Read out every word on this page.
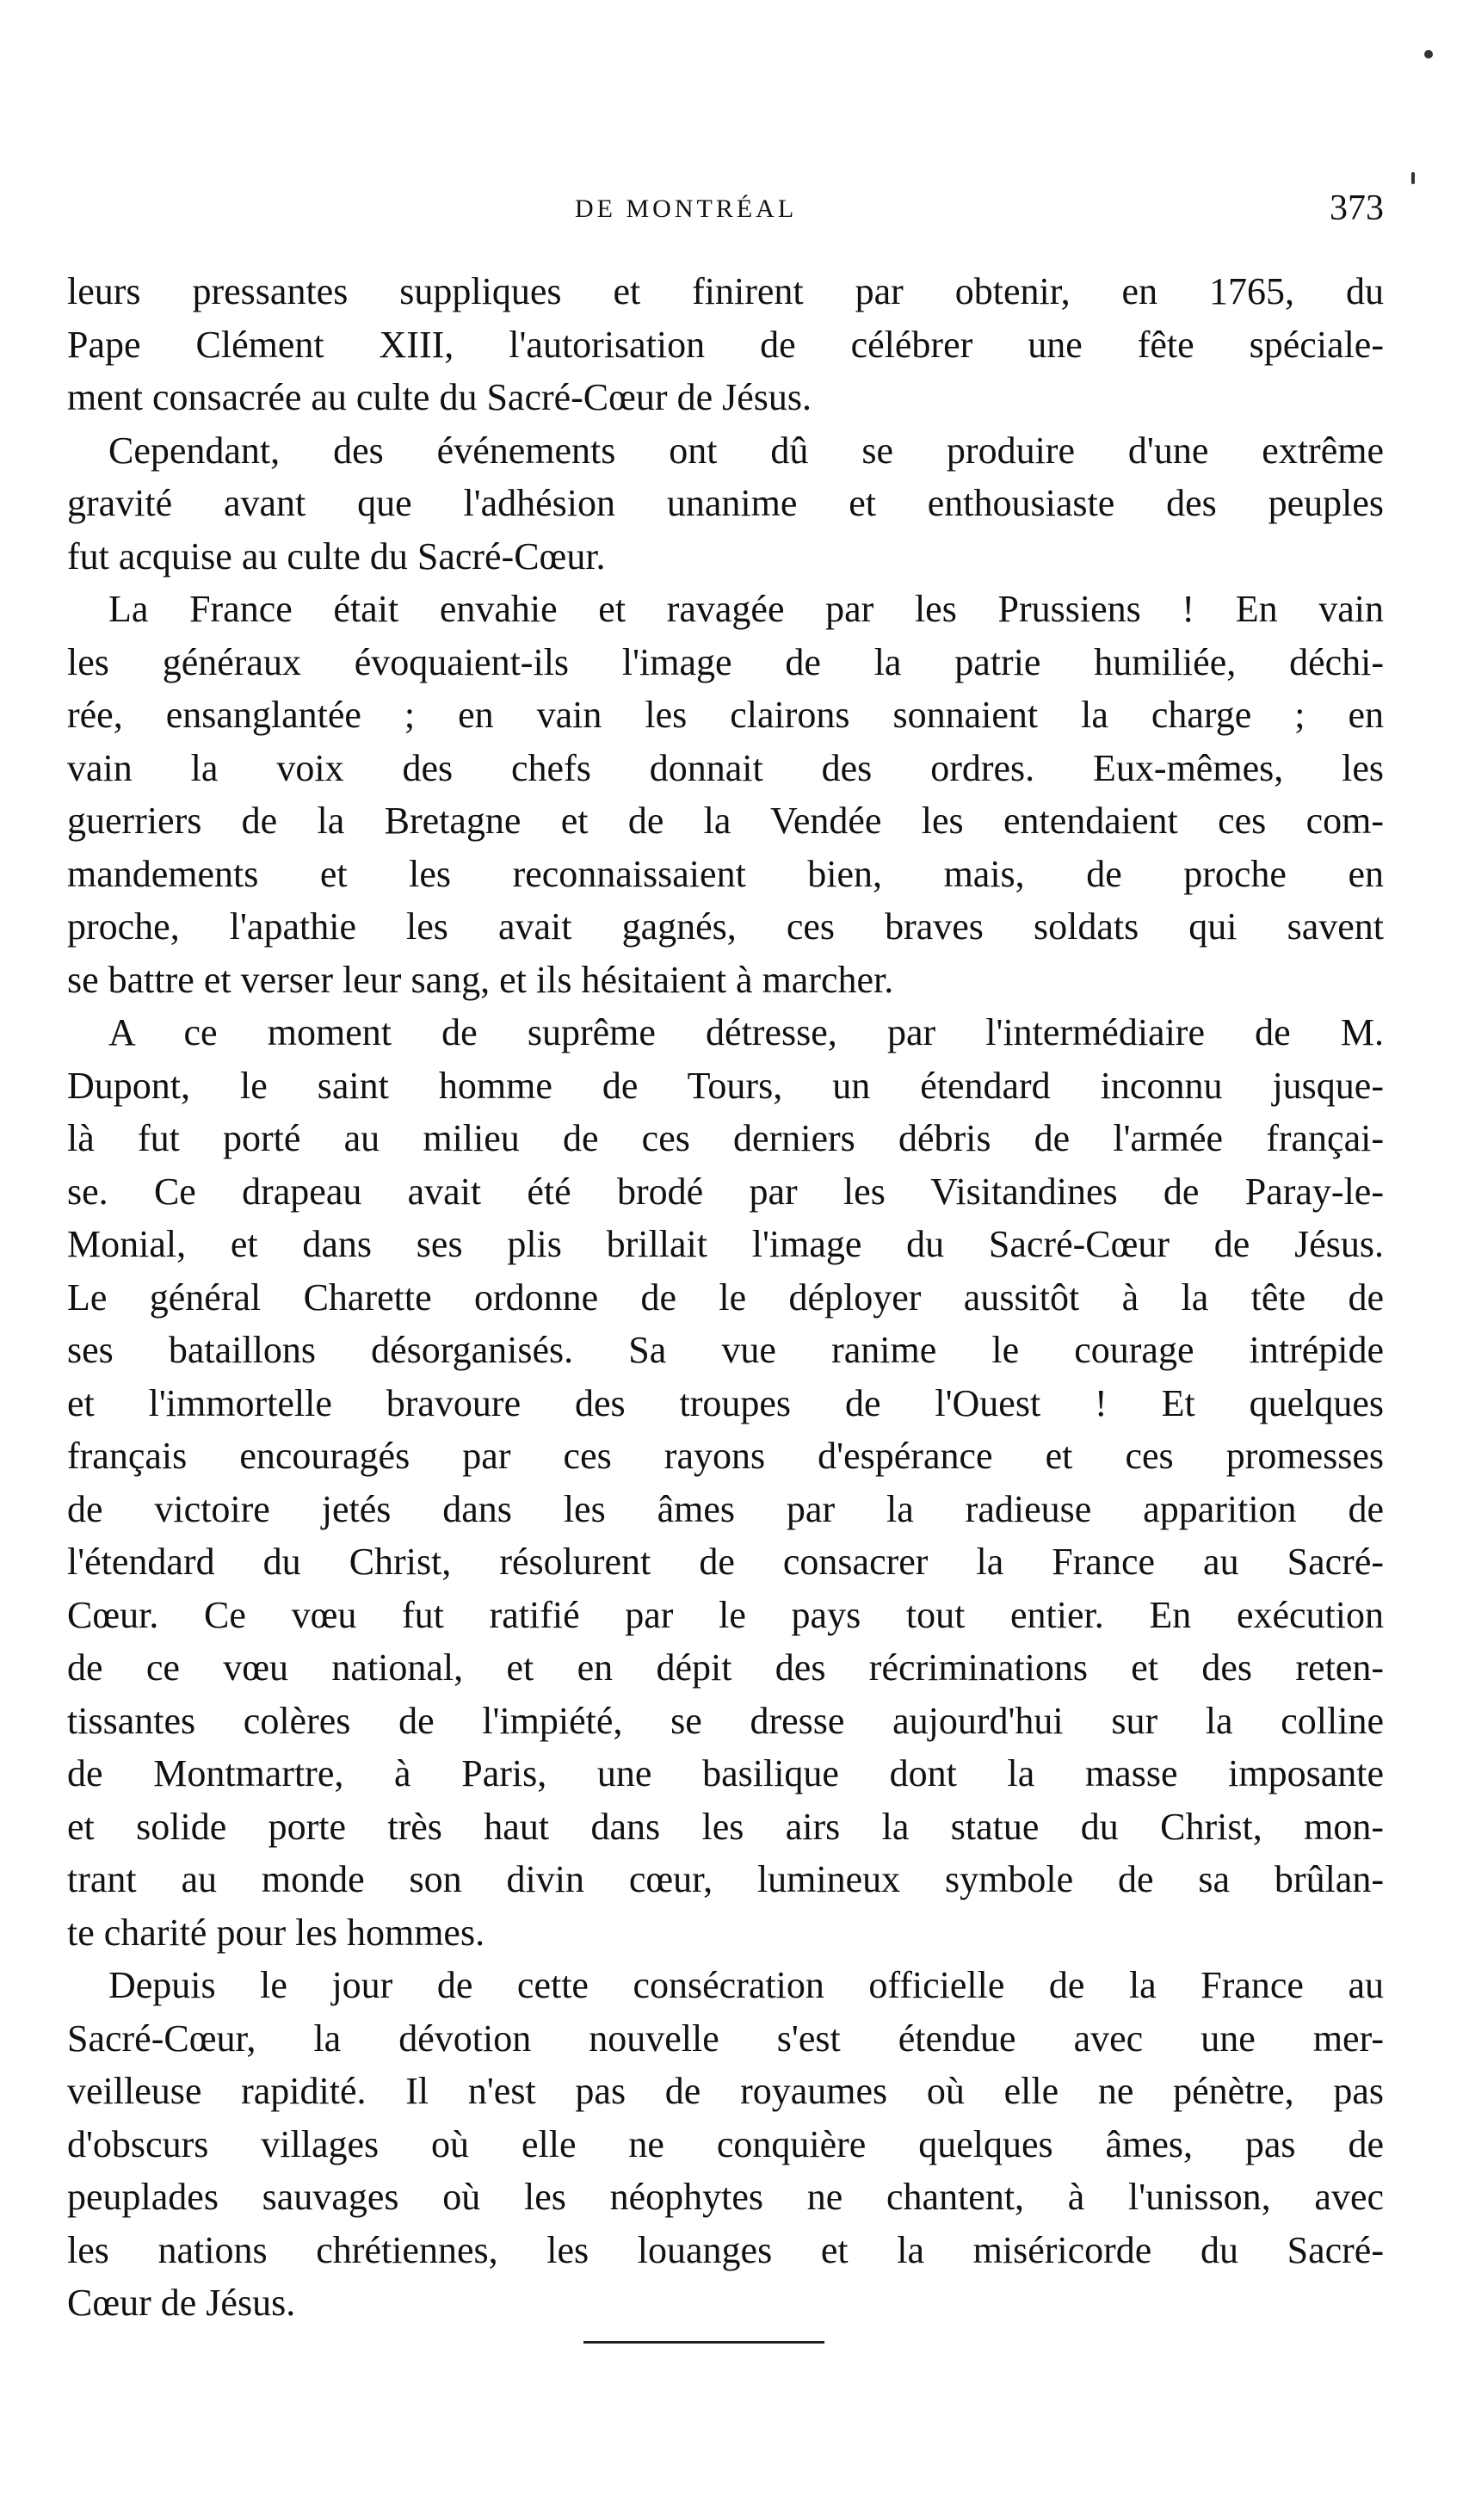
DE MONTRÉAL	373
leurs pressantes suppliques et finirent par obtenir, en 1765, du
Pape Clément XIII, l'autorisation de célébrer une fête spéciale-
ment consacrée au culte du Sacré-Cœur de Jésus.
Cependant, des événements ont dû se produire d'une extrême
gravité avant que l'adhésion unanime et enthousiaste des peuples
fut acquise au culte du Sacré-Cœur.
La France était envahie et ravagée par les Prussiens ! En vain
les généraux évoquaient-ils l'image de la patrie humiliée, déchi-
rée, ensanglantée ; en vain les clairons sonnaient la charge ; en
vain la voix des chefs donnait des ordres. Eux-mêmes, les
guerriers de la Bretagne et de la Vendée les entendaient ces com-
mandements et les reconnaissaient bien, mais, de proche en
proche, l'apathie les avait gagnés, ces braves soldats qui savent
se battre et verser leur sang, et ils hésitaient à marcher.
A ce moment de suprême détresse, par l'intermédiaire de M.
Dupont, le saint homme de Tours, un étendard inconnu jusque-
là fut porté au milieu de ces derniers débris de l'armée françai-
se. Ce drapeau avait été brodé par les Visitandines de Paray-le-
Monial, et dans ses plis brillait l'image du Sacré-Cœur de Jésus.
Le général Charette ordonne de le déployer aussitôt à la tête de
ses bataillons désorganisés. Sa vue ranime le courage intrépide
et l'immortelle bravoure des troupes de l'Ouest ! Et quelques
français encouragés par ces rayons d'espérance et ces promesses
de victoire jetés dans les âmes par la radieuse apparition de
l'étendard du Christ, résolurent de consacrer la France au Sacré-
Cœur. Ce vœu fut ratifié par le pays tout entier. En exécution
de ce vœu national, et en dépit des récriminations et des reten-
tissantes colères de l'impiété, se dresse aujourd'hui sur la colline
de Montmartre, à Paris, une basilique dont la masse imposante
et solide porte très haut dans les airs la statue du Christ, mon-
trant au monde son divin cœur, lumineux symbole de sa brûlan-
te charité pour les hommes.
Depuis le jour de cette consécration officielle de la France au
Sacré-Cœur, la dévotion nouvelle s'est étendue avec une mer-
veilleuse rapidité. Il n'est pas de royaumes où elle ne pénètre, pas
d'obscurs villages où elle ne conquière quelques âmes, pas de
peuplades sauvages où les néophytes ne chantent, à l'unisson, avec
les nations chrétiennes, les louanges et la miséricorde du Sacré-
Cœur de Jésus.
